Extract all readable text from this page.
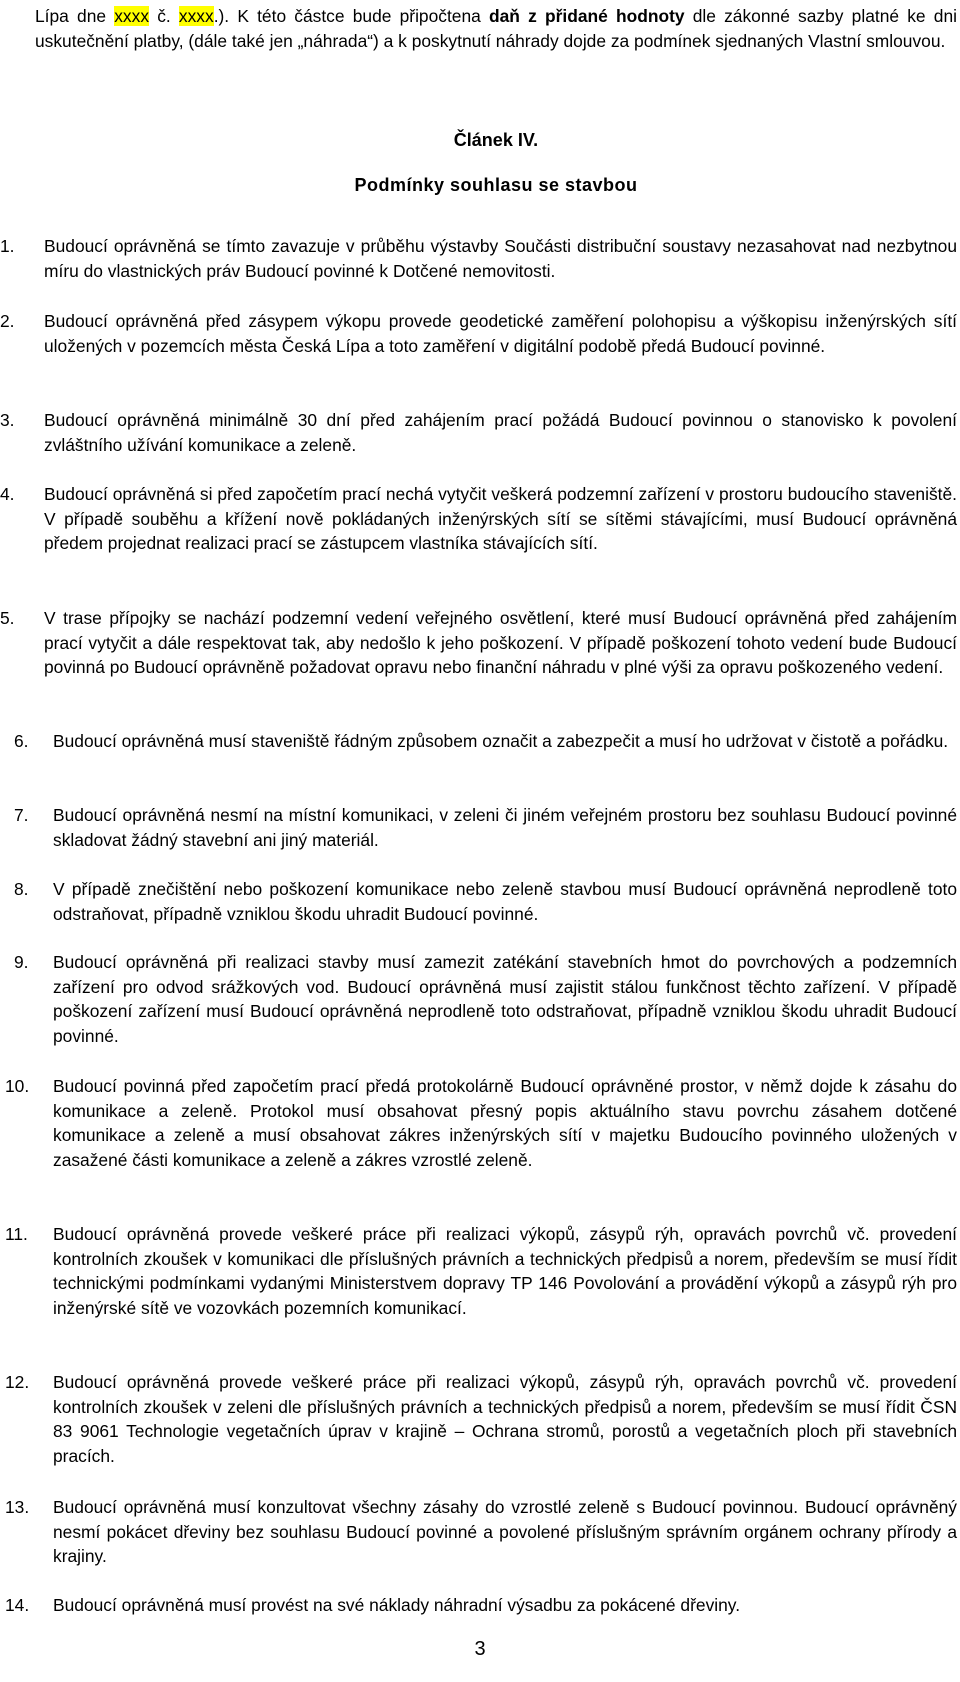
Lípa dne xxxx č. xxxx.). K této částce bude připočtena daň z přidané hodnoty dle zákonné sazby platné ke dni uskutečnění platby, (dále také jen „náhrada“) a k poskytnutí náhrady dojde za podmínek sjednaných Vlastní smlouvou.
Článek IV.
Podmínky souhlasu se stavbou
1. Budoucí oprávněná se tímto zavazuje v průběhu výstavby Součásti distribuční soustavy nezasahovat nad nezbytnou míru do vlastnických práv Budoucí povinné k Dotčené nemovitosti.
2. Budoucí oprávněná před zásypem výkopu provede geodetické zaměření polohopisu a výškopisu inženýrských sítí uložených v pozemcích města Česká Lípa a toto zaměření v digitální podobě předá Budoucí povinné.
3. Budoucí oprávněná minimálně 30 dní před zahájením prací požádá Budoucí povinnou o stanovisko k povolení zvláštního užívání komunikace a zeleně.
4. Budoucí oprávněná si před započetím prací nechá vytyčit veškerá podzemní zařízení v prostoru budoucího staveniště. V případě souběhu a křížení nově pokládaných inženýrských sítí se sítěmi stávajícími, musí Budoucí oprávněná předem projednat realizaci prací se zástupcem vlastníka stávajících sítí.
5. V trase přípojky se nachází podzemní vedení veřejného osvětlení, které musí Budoucí oprávněná před zahájením prací vytyčit a dále respektovat tak, aby nedošlo k jeho poškození. V případě poškození tohoto vedení bude Budoucí povinná po Budoucí oprávněně požadovat opravu nebo finanční náhradu v plné výši za opravu poškozeného vedení.
6. Budoucí oprávněná musí staveniště řádným způsobem označit a zabezpečit a musí ho udržovat v čistotě a pořádku.
7. Budoucí oprávněná nesmí na místní komunikaci, v zeleni či jiném veřejném prostoru bez souhlasu Budoucí povinné skladovat žádný stavební ani jiný materiál.
8. V případě znečištění nebo poškození komunikace nebo zeleně stavbou musí Budoucí oprávněná neprodleně toto odstraňovat, případně vzniklou škodu uhradit Budoucí povinné.
9. Budoucí oprávněná při realizaci stavby musí zamezit zatékání stavebních hmot do povrchových a podzemních zařízení pro odvod srážkových vod. Budoucí oprávněná musí zajistit stálou funkčnost těchto zařízení. V případě poškození zařízení musí Budoucí oprávněná neprodleně toto odstraňovat, případně vzniklou škodu uhradit Budoucí povinné.
10. Budoucí povinná před započetím prací předá protokolárně Budoucí oprávněné prostor, v němž dojde k zásahu do komunikace a zeleně. Protokol musí obsahovat přesný popis aktuálního stavu povrchu zásahem dotčené komunikace a zeleně a musí obsahovat zákres inženýrských sítí v majetku Budoucího povinného uložených v zasažené části komunikace a zeleně a zákres vzrostlé zeleně.
11. Budoucí oprávněná provede veškeré práce při realizaci výkopů, zásypů rýh, opravách povrchů vč. provedení kontrolních zkoušek v komunikaci dle příslušných právních a technických předpisů a norem, především se musí řídit technickými podmínkami vydanými Ministerstvem dopravy TP 146 Povolování a provádění výkopů a zásypů rýh pro inženýrské sítě ve vozovkách pozemních komunikací.
12. Budoucí oprávněná provede veškeré práce při realizaci výkopů, zásypů rýh, opravách povrchů vč. provedení kontrolních zkoušek v zeleni dle příslušných právních a technických předpisů a norem, především se musí řídit ČSN 83 9061 Technologie vegetačních úprav v krajině – Ochrana stromů, porostů a vegetačních ploch při stavebních pracích.
13. Budoucí oprávněná musí konzultovat všechny zásahy do vzrostlé zeleně s Budoucí povinnou. Budoucí oprávněný nesmí pokácet dřeviny bez souhlasu Budoucí povinné a povolené příslušným správním orgánem ochrany přírody a krajiny.
14. Budoucí oprávněná musí provést na své náklady náhradní výsadbu za pokácené dřeviny.
3
